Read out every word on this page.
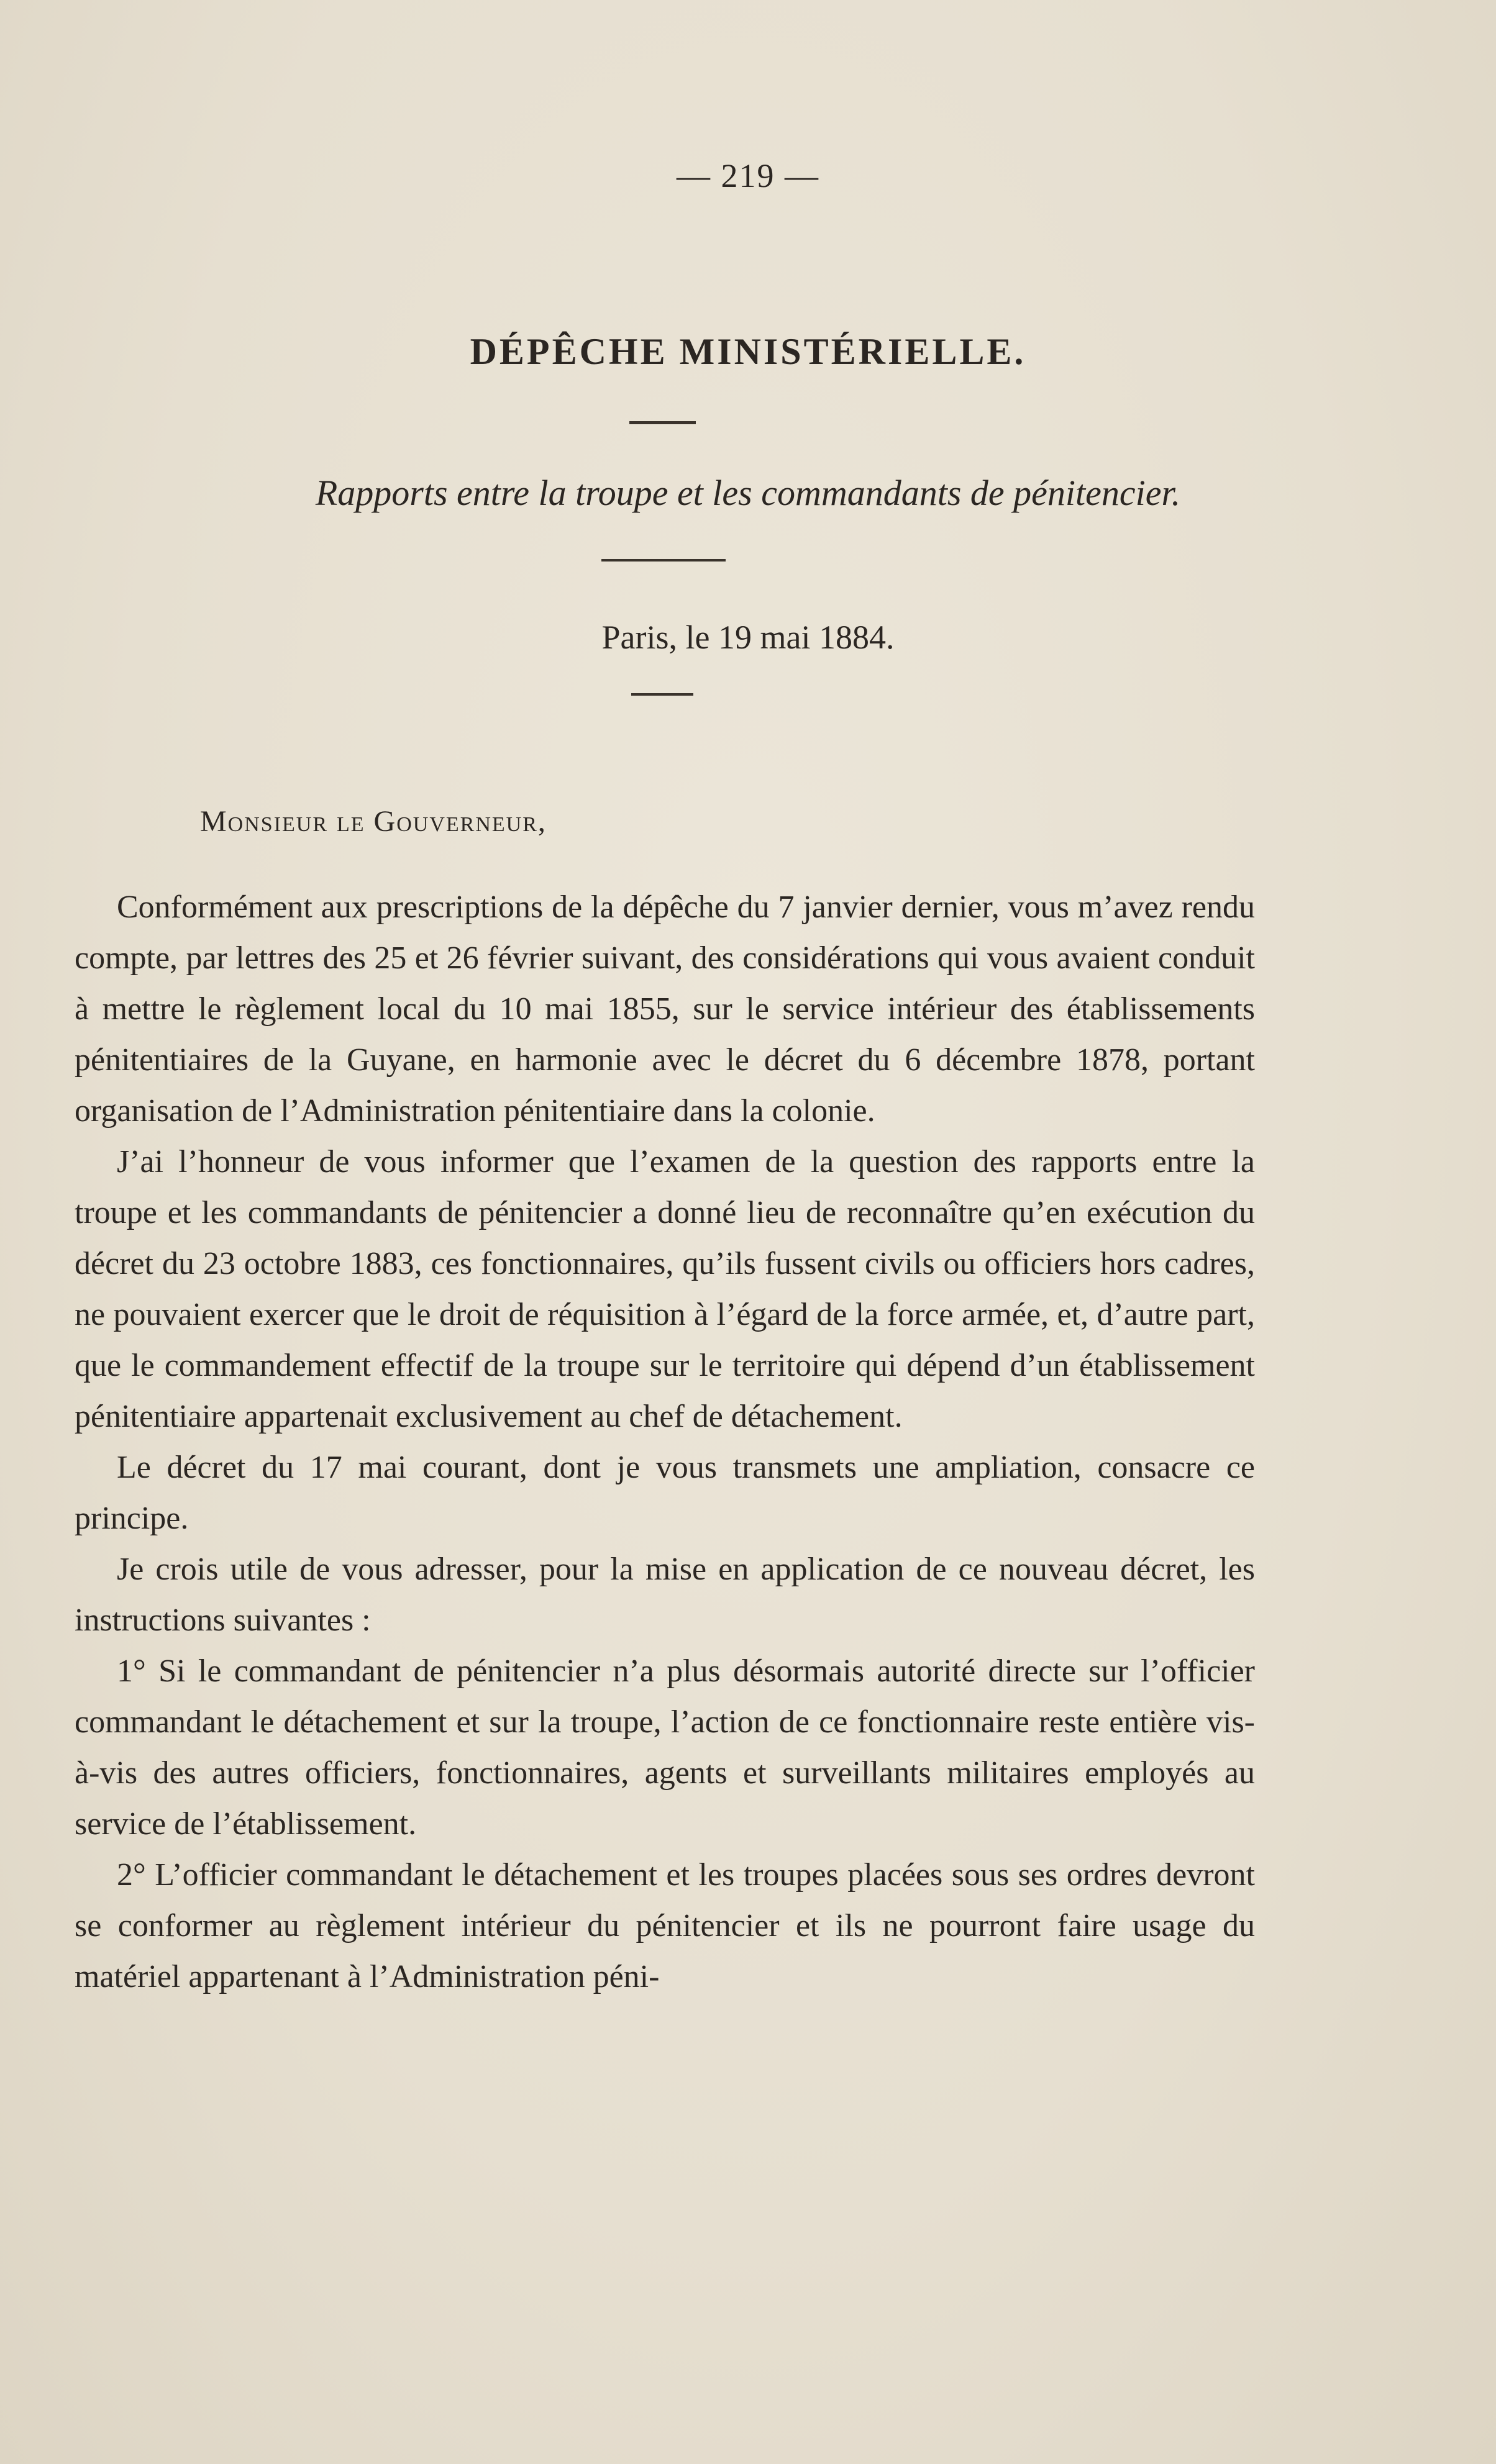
— 219 —
DÉPÊCHE MINISTÉRIELLE.
Rapports entre la troupe et les commandants de pénitencier.
Paris, le 19 mai 1884.
Monsieur le Gouverneur,

Conformément aux prescriptions de la dépêche du 7 janvier dernier, vous m’avez rendu compte, par lettres des 25 et 26 février suivant, des considérations qui vous avaient conduit à mettre le règlement local du 10 mai 1855, sur le service intérieur des établissements pénitentiaires de la Guyane, en harmonie avec le décret du 6 décembre 1878, portant organisation de l’Administration pénitentiaire dans la colonie.

J’ai l’honneur de vous informer que l’examen de la question des rapports entre la troupe et les commandants de pénitencier a donné lieu de reconnaître qu’en exécution du décret du 23 octobre 1883, ces fonctionnaires, qu’ils fussent civils ou officiers hors cadres, ne pouvaient exercer que le droit de réquisition à l’égard de la force armée, et, d’autre part, que le commandement effectif de la troupe sur le territoire qui dépend d’un établissement pénitentiaire appartenait exclusivement au chef de détachement.

Le décret du 17 mai courant, dont je vous transmets une ampliation, consacre ce principe.

Je crois utile de vous adresser, pour la mise en application de ce nouveau décret, les instructions suivantes :

1° Si le commandant de pénitencier n’a plus désormais autorité directe sur l’officier commandant le détachement et sur la troupe, l’action de ce fonctionnaire reste entière vis-à-vis des autres officiers, fonctionnaires, agents et surveillants militaires employés au service de l’établissement.

2° L’officier commandant le détachement et les troupes placées sous ses ordres devront se conformer au règlement intérieur du pénitencier et ils ne pourront faire usage du matériel appartenant à l’Administration péni-
